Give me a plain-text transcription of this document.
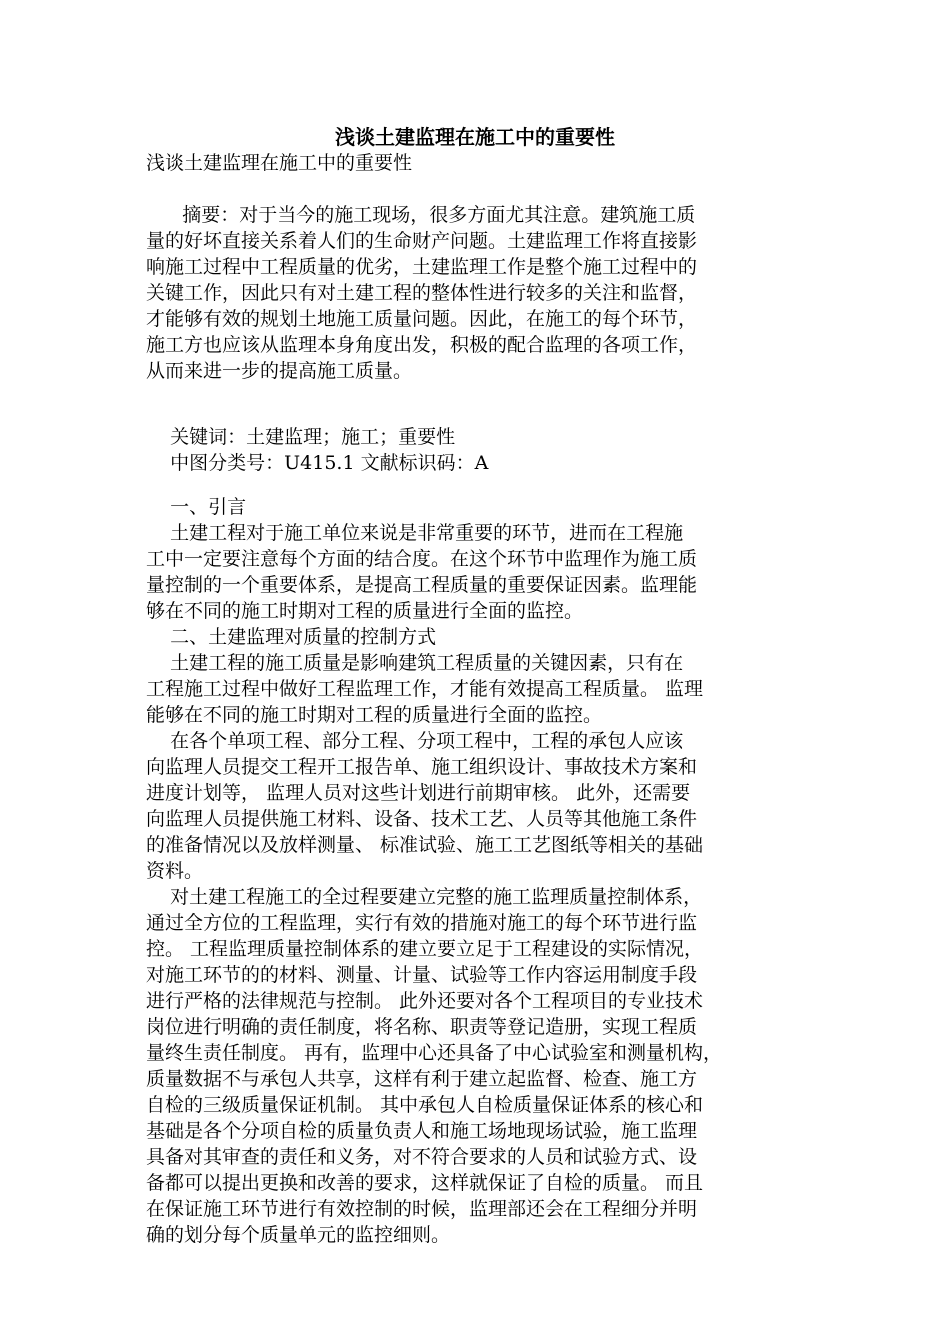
浅谈土建监理在施工中的重要性
浅谈土建监理在施工中的重要性
摘要：对于当今的施工现场，很多方面尤其注意。建筑施工质
量的好坏直接关系着人们的生命财产问题。土建监理工作将直接影
响施工过程中工程质量的优劣，土建监理工作是整个施工过程中的
关键工作，因此只有对土建工程的整体性进行较多的关注和监督，
才能够有效的规划土地施工质量问题。因此，在施工的每个环节，
施工方也应该从监理本身角度出发，积极的配合监理的各项工作，
从而来进一步的提高施工质量。
关键词：土建监理；施工；重要性
中图分类号：U415.1 文献标识码：A
一、引言
土建工程对于施工单位来说是非常重要的环节，进而在工程施
工中一定要注意每个方面的结合度。在这个环节中监理作为施工质
量控制的一个重要体系，是提高工程质量的重要保证因素。监理能
够在不同的施工时期对工程的质量进行全面的监控。
二、土建监理对质量的控制方式
土建工程的施工质量是影响建筑工程质量的关键因素，只有在
工程施工过程中做好工程监理工作，才能有效提高工程质量。 监理
能够在不同的施工时期对工程的质量进行全面的监控。
在各个单项工程、部分工程、分项工程中，工程的承包人应该
向监理人员提交工程开工报告单、施工组织设计、事故技术方案和
进度计划等， 监理人员对这些计划进行前期审核。 此外，还需要
向监理人员提供施工材料、设备、技术工艺、人员等其他施工条件
的准备情况以及放样测量、 标准试验、施工工艺图纸等相关的基础
资料。
对土建工程施工的全过程要建立完整的施工监理质量控制体系，
通过全方位的工程监理，实行有效的措施对施工的每个环节进行监
控。 工程监理质量控制体系的建立要立足于工程建设的实际情况，
对施工环节的的材料、测量、计量、试验等工作内容运用制度手段
进行严格的法律规范与控制。 此外还要对各个工程项目的专业技术
岗位进行明确的责任制度，将名称、职责等登记造册，实现工程质
量终生责任制度。 再有，监理中心还具备了中心试验室和测量机构，
质量数据不与承包人共享，这样有利于建立起监督、检查、施工方
自检的三级质量保证机制。 其中承包人自检质量保证体系的核心和
基础是各个分项自检的质量负责人和施工场地现场试验，施工监理
具备对其审查的责任和义务，对不符合要求的人员和试验方式、设
备都可以提出更换和改善的要求，这样就保证了自检的质量。 而且
在保证施工环节进行有效控制的时候，监理部还会在工程细分并明
确的划分每个质量单元的监控细则。
